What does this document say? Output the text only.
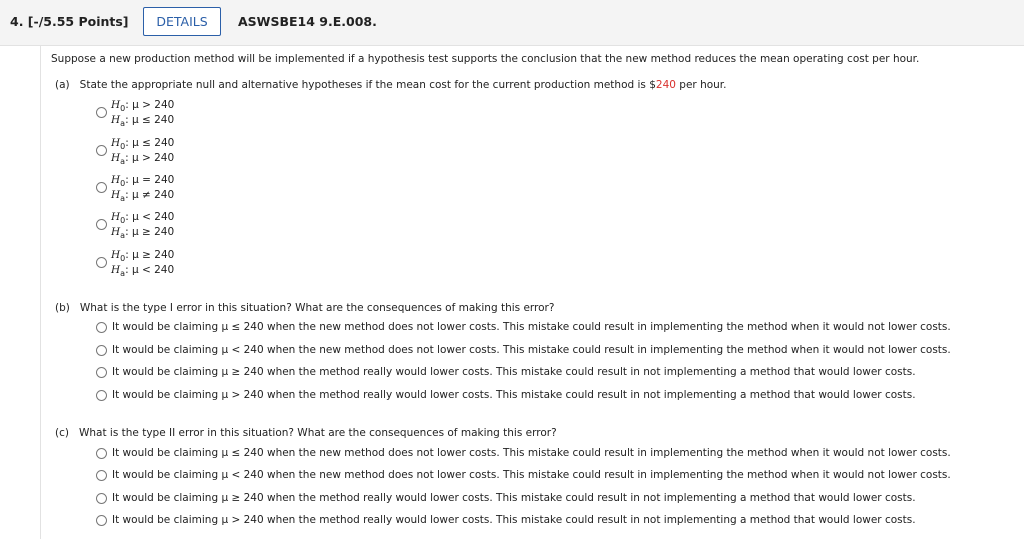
4. [-/5.55 Points]	DETAILS	ASWSBE14 9.E.008.
Suppose a new production method will be implemented if a hypothesis test supports the conclusion that the new method reduces the mean operating cost per hour.
(a) State the appropriate null and alternative hypotheses if the mean cost for the current production method is $240 per hour.
$H_0$: μ > 240
$H_a$: μ ≤ 240
$H_0$: μ ≤ 240
$H_a$: μ > 240
$H_0$: μ = 240
$H_a$: μ ≠ 240
$H_0$: μ < 240
$H_a$: μ ≥ 240
$H_0$: μ ≥ 240
$H_a$: μ < 240
(b) What is the type I error in this situation? What are the consequences of making this error?
It would be claiming μ ≤ 240 when the new method does not lower costs. This mistake could result in implementing the method when it would not lower costs.
It would be claiming μ < 240 when the new method does not lower costs. This mistake could result in implementing the method when it would not lower costs.
It would be claiming μ ≥ 240 when the method really would lower costs. This mistake could result in not implementing a method that would lower costs.
It would be claiming μ > 240 when the method really would lower costs. This mistake could result in not implementing a method that would lower costs.
(c) What is the type II error in this situation? What are the consequences of making this error?
It would be claiming μ ≤ 240 when the new method does not lower costs. This mistake could result in implementing the method when it would not lower costs.
It would be claiming μ < 240 when the new method does not lower costs. This mistake could result in implementing the method when it would not lower costs.
It would be claiming μ ≥ 240 when the method really would lower costs. This mistake could result in not implementing a method that would lower costs.
It would be claiming μ > 240 when the method really would lower costs. This mistake could result in not implementing a method that would lower costs.
